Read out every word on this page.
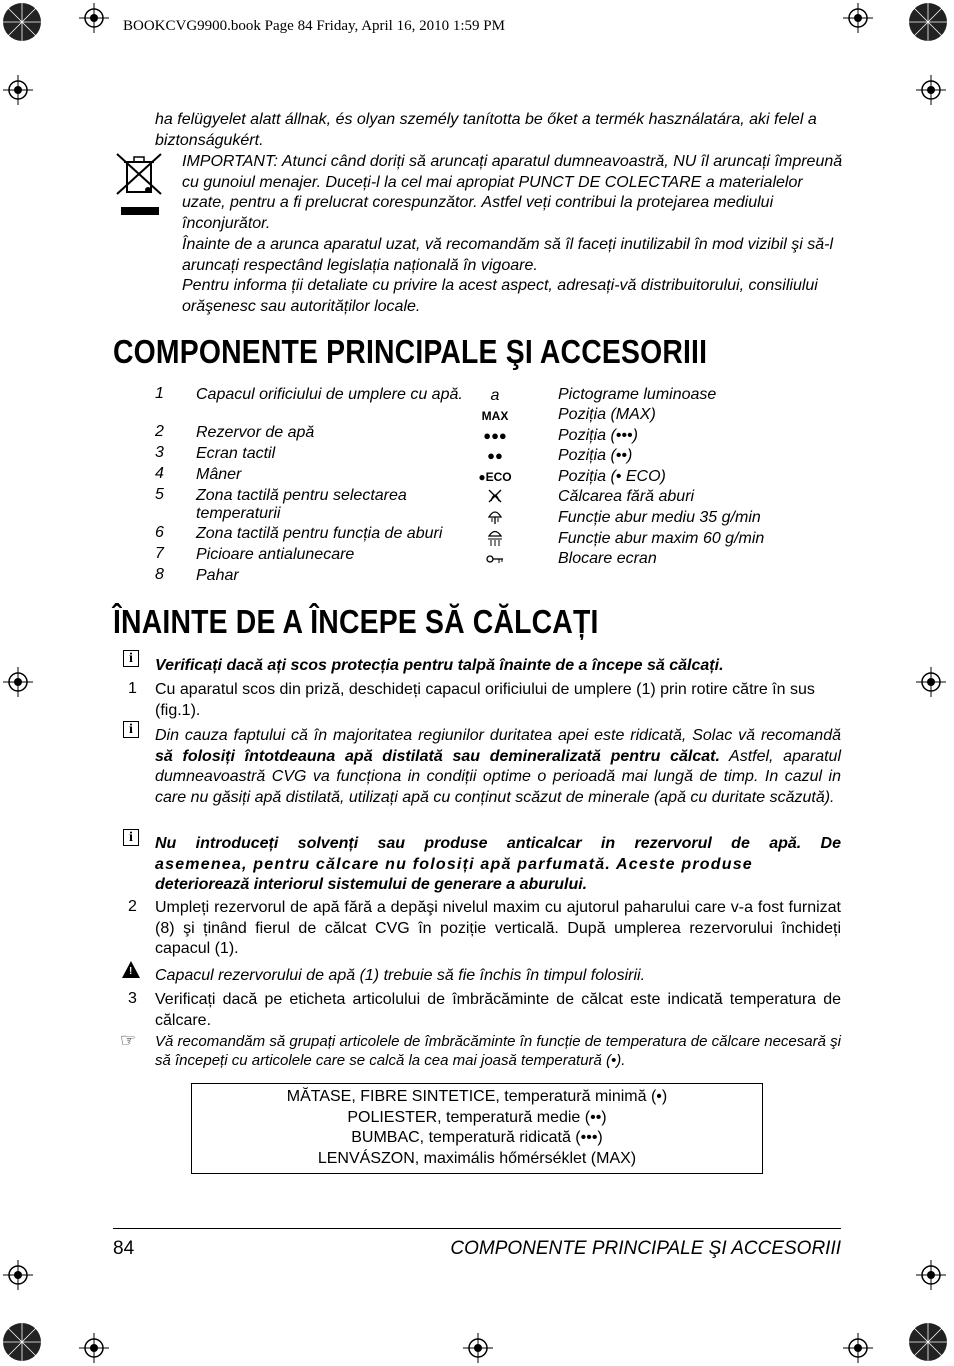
BOOKCVG9900.book Page 84 Friday, April 16, 2010 1:59 PM
ha felügyelet alatt állnak, és olyan személy tanította be őket a termék használatára, aki felel a biztonságukért.
IMPORTANT: Atunci când doriți să aruncați aparatul dumneavoastră, NU îl aruncați împreună cu gunoiul menajer. Duceți-l la cel mai apropiat PUNCT DE COLECTARE a materialelor uzate, pentru a fi prelucrat corespunzător. Astfel veți contribui la protejarea mediului înconjurător.
Înainte de a arunca aparatul uzat, vă recomandăm să îl faceți inutilizabil în mod vizibil şi să-l aruncați respectând legislația națională în vigoare.
Pentru informa ții detaliate cu privire la acest aspect, adresați-vă distribuitorului, consiliului orăşenesc sau autorităților locale.
COMPONENTE PRINCIPALE ŞI ACCESORIII
1 Capacul orificiului de umplere cu apă.
2 Rezervor de apă
3 Ecran tactil
4 Mâner
5 Zona tactilă pentru selectarea temperaturii
6 Zona tactilă pentru funcția de aburi
7 Picioare antialunecare
8 Pahar
a	Pictograme luminoase
MAX	Poziția (MAX)
●●●	Poziția (•••)
●●	Poziția (••)
●ECO	Poziția (• ECO)
Călcarea fără aburi
Funcție abur mediu 35 g/min
Funcție abur maxim 60 g/min
Blocare ecran
ÎNAINTE DE A ÎNCEPE SĂ CĂLCAȚI
i	Verificați dacă ați scos protecția pentru talpă înainte de a începe să călcați.
1 Cu aparatul scos din priză, deschideți capacul orificiului de umplere (1) prin rotire către în sus (fig.1).
i	Din cauza faptului că în majoritatea regiunilor duritatea apei este ridicată, Solac vă recomandă să folosiți întotdeauna apă distilată sau demineralizată pentru călcat. Astfel, aparatul dumneavoastră CVG va funcționa in condiții optime o perioadă mai lungă de timp. In cazul in care nu găsiți apă distilată, utilizați apă cu conținut scăzut de minerale (apă cu duritate scăzută).
i	Nu introduceți solvenți sau produse anticalcar in rezervorul de apă. De
asemenea, pentru călcare nu folosiți apă parfumată. Aceste produse
deteriorează interiorul sistemului de generare a aburului.
2 Umpleți rezervorul de apă fără a depăşi nivelul maxim cu ajutorul paharului care v-a fost furnizat (8) şi ținând fierul de călcat CVG în poziție verticală. După umplerea rezervorului închideți capacul (1).
! Capacul rezervorului de apă (1) trebuie să fie închis în timpul folosirii.
3 Verificați dacă pe eticheta articolului de îmbrăcăminte de călcat este indicată temperatura de călcare.
☞ Vă recomandăm să grupați articolele de îmbrăcăminte în funcție de temperatura de călcare necesară şi să începeți cu articolele care se calcă la cea mai joasă temperatură (•).
MĂTASE, FIBRE SINTETICE, temperatură minimă (•)
POLIESTER, temperatură medie (••)
BUMBAC, temperatură ridicată (•••)
LENVÁSZON, maximális hőmérséklet (MAX)
84	COMPONENTE PRINCIPALE ŞI ACCESORIII
